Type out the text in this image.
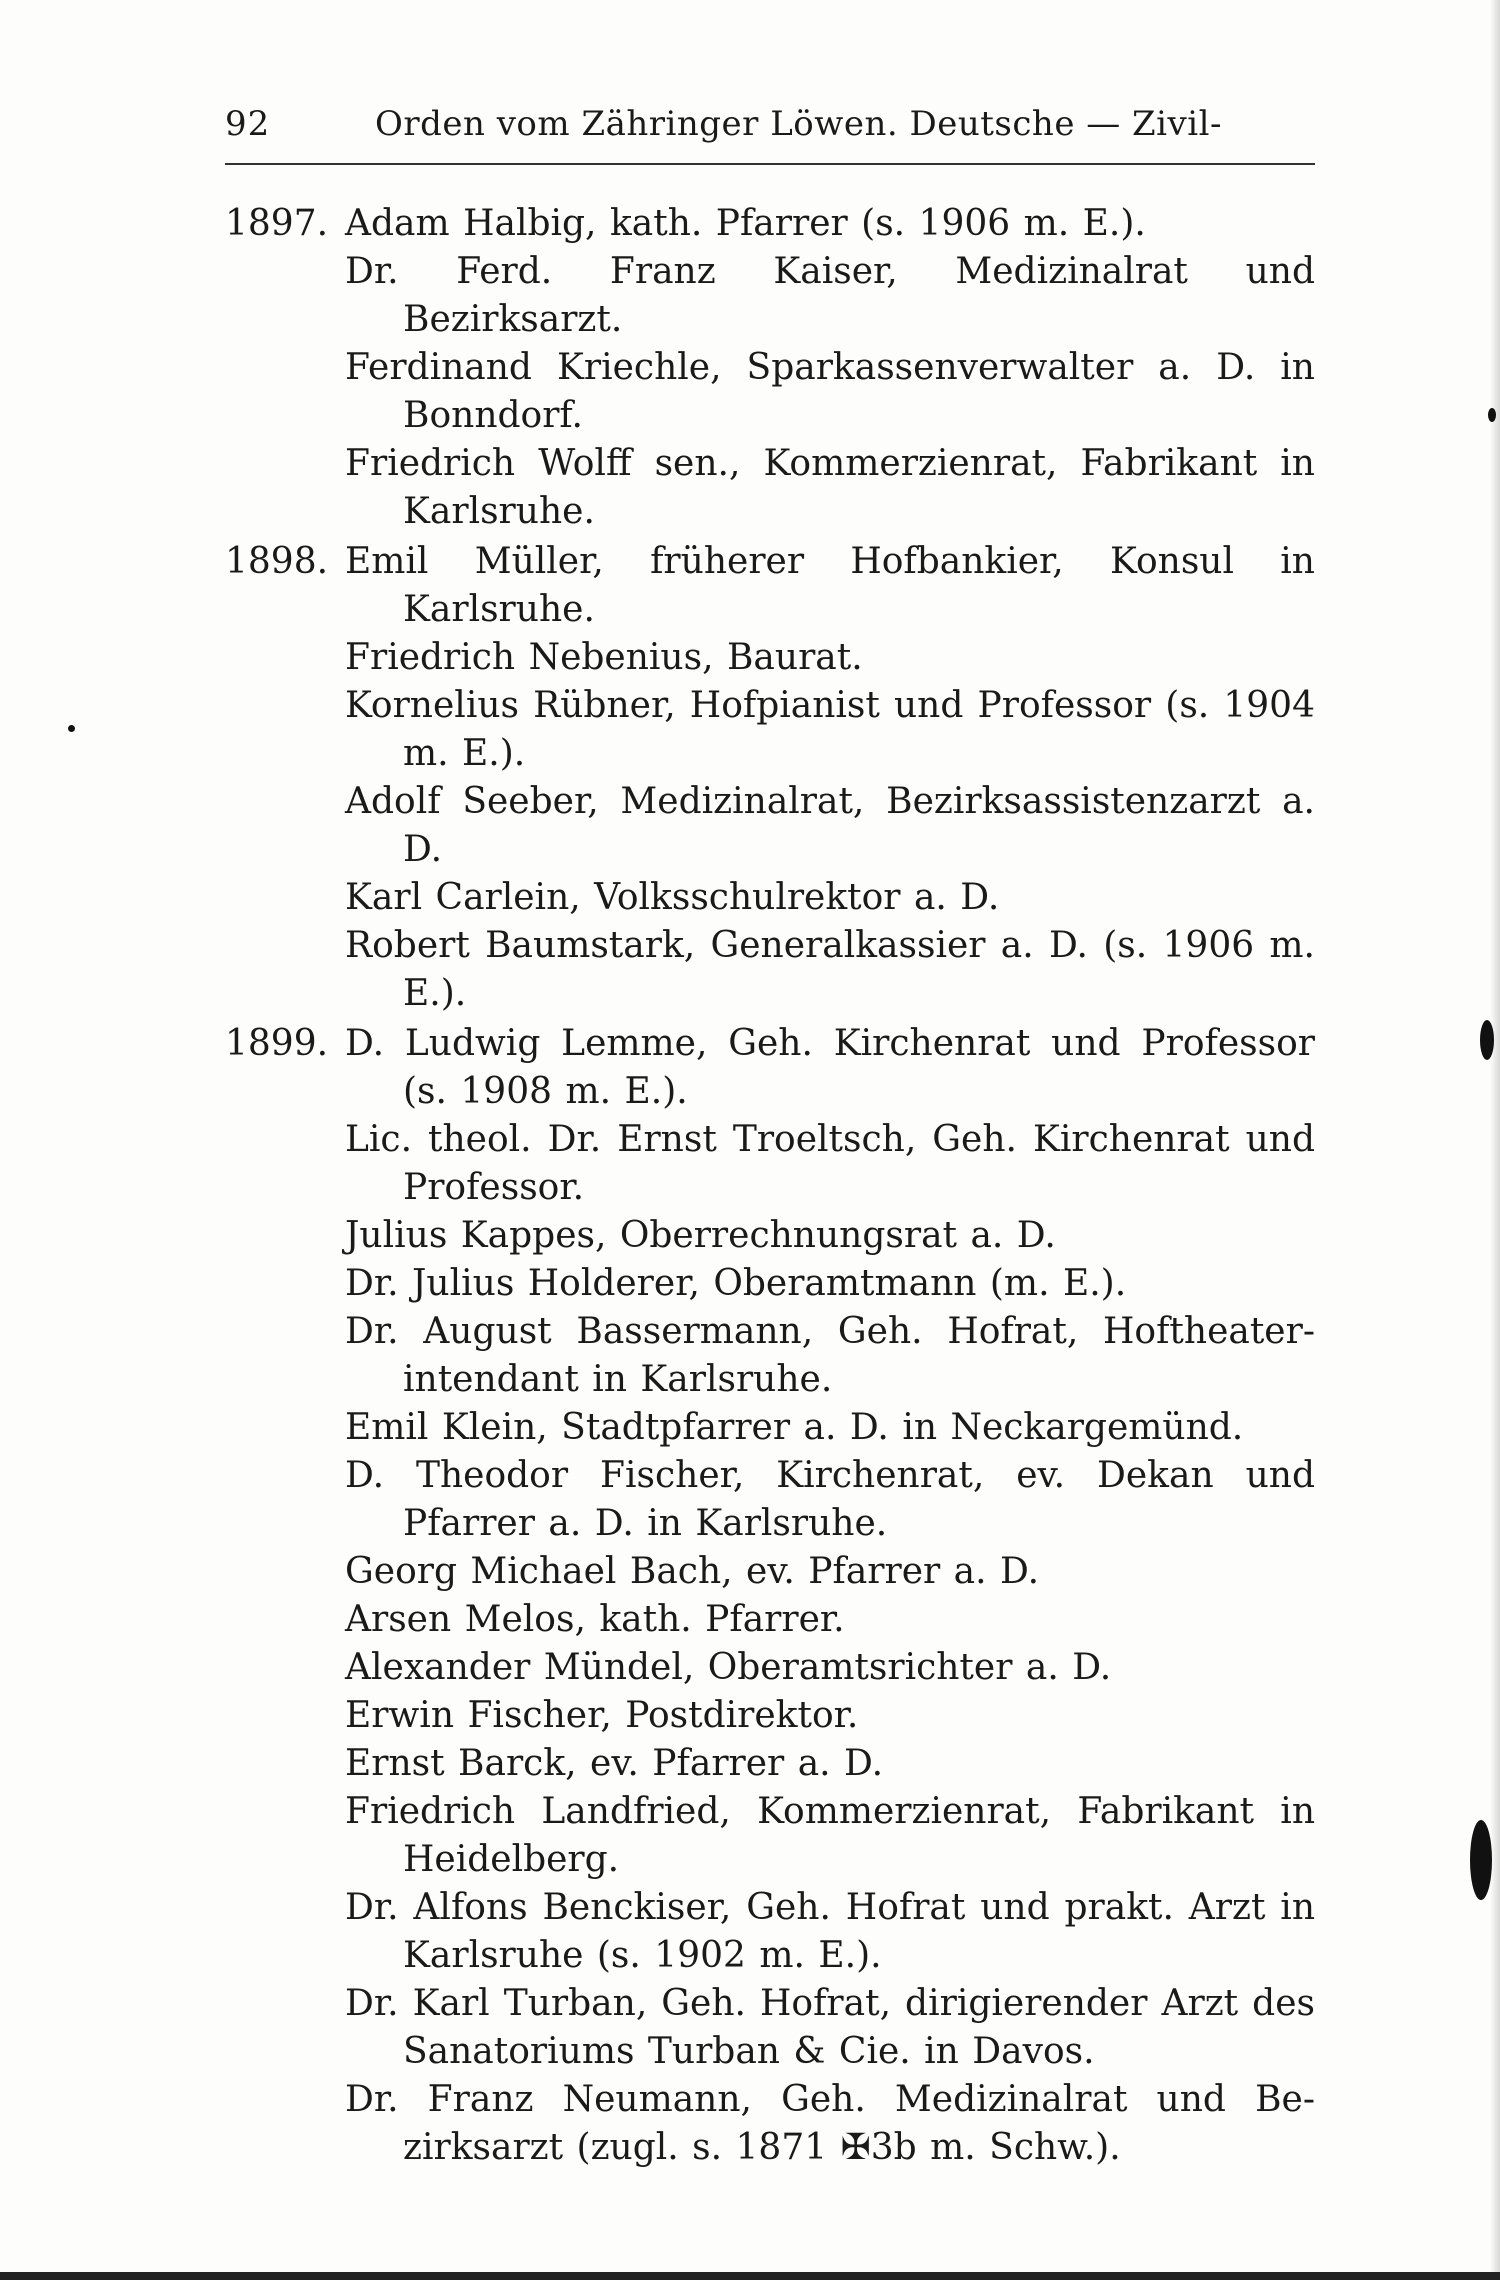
92	Orden vom Zähringer Löwen. Deutsche — Zivil-
1897. Adam Halbig, kath. Pfarrer (s. 1906 m. E.).
Dr. Ferd. Franz Kaiser, Medizinalrat und Bezirksarzt.
Ferdinand Kriechle, Sparkassenverwalter a. D. in Bonndorf.
Friedrich Wolff sen., Kommerzienrat, Fabrikant in Karlsruhe.
1898. Emil Müller, früherer Hofbankier, Konsul in Karlsruhe.
Friedrich Nebenius, Baurat.
Kornelius Rübner, Hofpianist und Professor (s. 1904 m. E.).
Adolf Seeber, Medizinalrat, Bezirksassistenzarzt a. D.
Karl Carlein, Volksschulrektor a. D.
Robert Baumstark, Generalkassier a. D. (s. 1906 m. E.).
1899. D. Ludwig Lemme, Geh. Kirchenrat und Professor (s. 1908 m. E.).
Lic. theol. Dr. Ernst Troeltsch, Geh. Kirchenrat und Professor.
Julius Kappes, Oberrechnungsrat a. D.
Dr. Julius Holderer, Oberamtmann (m. E.).
Dr. August Bassermann, Geh. Hofrat, Hoftheater-intendant in Karlsruhe.
Emil Klein, Stadtpfarrer a. D. in Neckargemünd.
D. Theodor Fischer, Kirchenrat, ev. Dekan und Pfarrer a. D. in Karlsruhe.
Georg Michael Bach, ev. Pfarrer a. D.
Arsen Melos, kath. Pfarrer.
Alexander Mündel, Oberamtsrichter a. D.
Erwin Fischer, Postdirektor.
Ernst Barck, ev. Pfarrer a. D.
Friedrich Landfried, Kommerzienrat, Fabrikant in Heidelberg.
Dr. Alfons Benckiser, Geh. Hofrat und prakt. Arzt in Karlsruhe (s. 1902 m. E.).
Dr. Karl Turban, Geh. Hofrat, dirigierender Arzt des Sanatoriums Turban & Cie. in Davos.
Dr. Franz Neumann, Geh. Medizinalrat und Be-zirksarzt (zugl. s. 1871 ✠3b m. Schw.).
